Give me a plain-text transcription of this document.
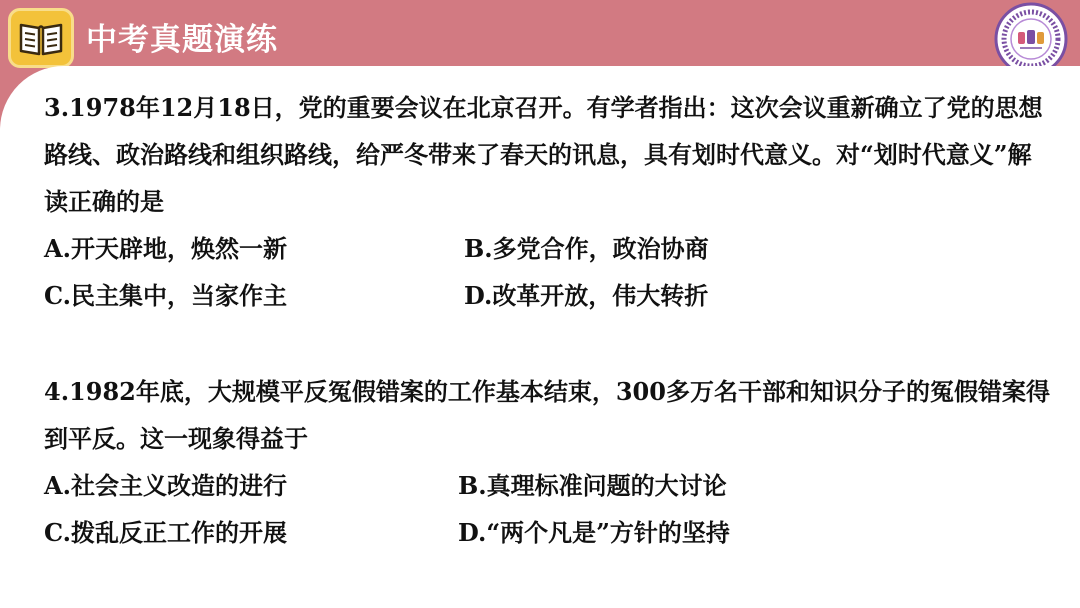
中考真题演练

3.1978年12月18日，党的重要会议在北京召开。有学者指出：这次会议重新确立了党的思想路线、政治路线和组织路线，给严冬带来了春天的讯息，具有划时代意义。对“划时代意义”解读正确的是

A.开天辟地，焕然一新	B.多党合作，政治协商
C.民主集中，当家作主	D.改革开放，伟大转折

4.1982年底，大规模平反冤假错案的工作基本结束，300多万名干部和知识分子的冤假错案得到平反。这一现象得益于

A.社会主义改造的进行	B.真理标准问题的大讨论
C.拨乱反正工作的开展	D.“两个凡是”方针的坚持
